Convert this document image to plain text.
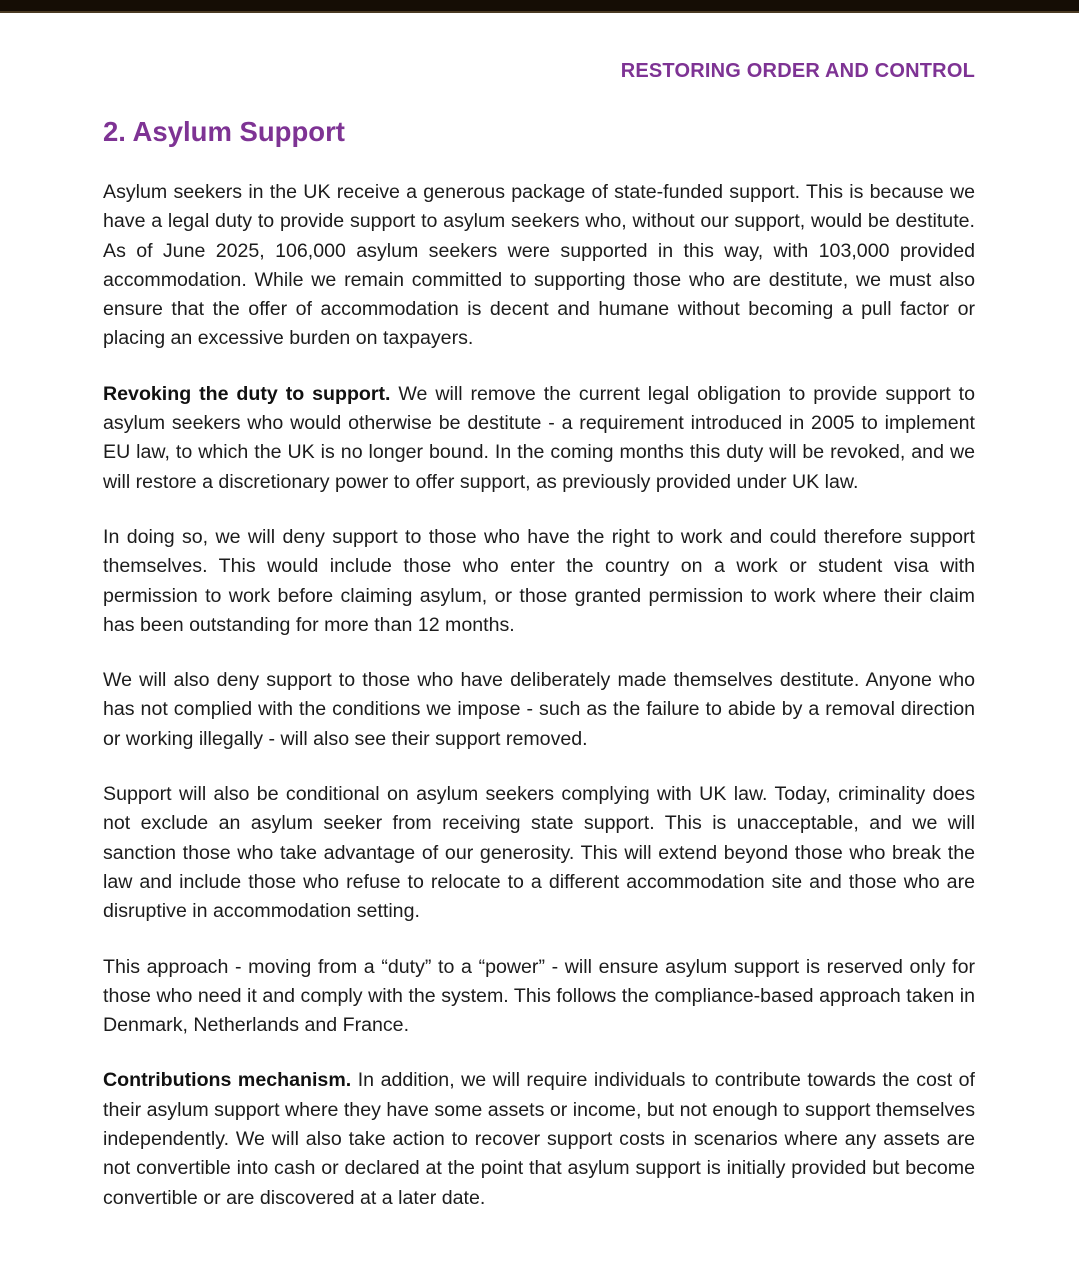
RESTORING ORDER AND CONTROL
2. Asylum Support

Asylum seekers in the UK receive a generous package of state-funded support. This is because we have a legal duty to provide support to asylum seekers who, without our support, would be destitute. As of June 2025, 106,000 asylum seekers were supported in this way, with 103,000 provided accommodation. While we remain committed to supporting those who are destitute, we must also ensure that the offer of accommodation is decent and humane without becoming a pull factor or placing an excessive burden on taxpayers.

Revoking the duty to support. We will remove the current legal obligation to provide support to asylum seekers who would otherwise be destitute - a requirement introduced in 2005 to implement EU law, to which the UK is no longer bound. In the coming months this duty will be revoked, and we will restore a discretionary power to offer support, as previously provided under UK law.

In doing so, we will deny support to those who have the right to work and could therefore support themselves. This would include those who enter the country on a work or student visa with permission to work before claiming asylum, or those granted permission to work where their claim has been outstanding for more than 12 months.

We will also deny support to those who have deliberately made themselves destitute. Anyone who has not complied with the conditions we impose - such as the failure to abide by a removal direction or working illegally - will also see their support removed.

Support will also be conditional on asylum seekers complying with UK law. Today, criminality does not exclude an asylum seeker from receiving state support. This is unacceptable, and we will sanction those who take advantage of our generosity. This will extend beyond those who break the law and include those who refuse to relocate to a different accommodation site and those who are disruptive in accommodation setting.

This approach - moving from a “duty” to a “power” - will ensure asylum support is reserved only for those who need it and comply with the system. This follows the compliance-based approach taken in Denmark, Netherlands and France.

Contributions mechanism. In addition, we will require individuals to contribute towards the cost of their asylum support where they have some assets or income, but not enough to support themselves independently. We will also take action to recover support costs in scenarios where any assets are not convertible into cash or declared at the point that asylum support is initially provided but become convertible or are discovered at a later date.
